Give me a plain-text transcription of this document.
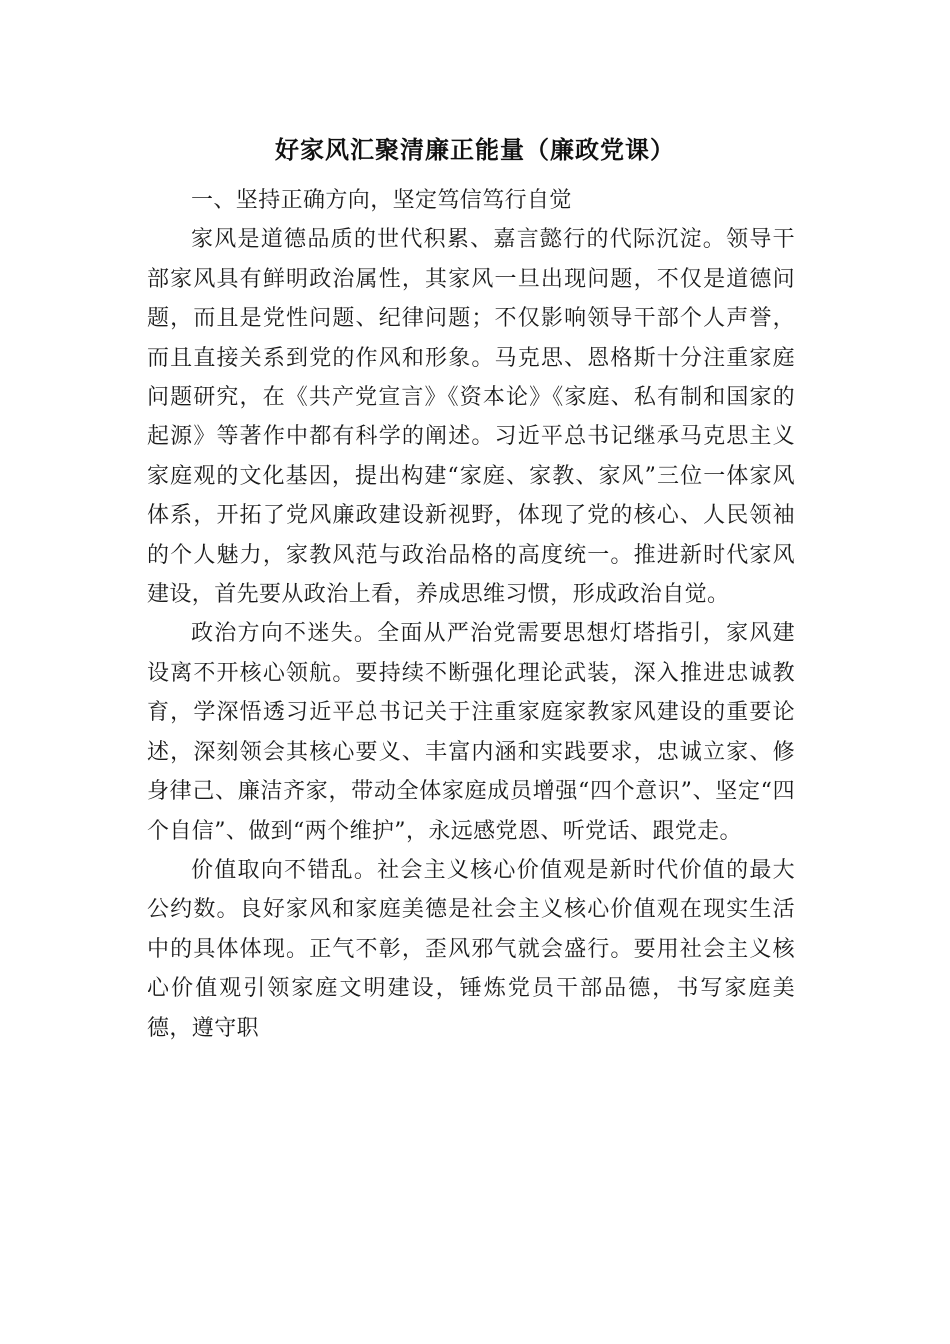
好家风汇聚清廉正能量（廉政党课）

一、坚持正确方向，坚定笃信笃行自觉

家风是道德品质的世代积累、嘉言懿行的代际沉淀。领导干部家风具有鲜明政治属性，其家风一旦出现问题，不仅是道德问题，而且是党性问题、纪律问题；不仅影响领导干部个人声誉，而且直接关系到党的作风和形象。马克思、恩格斯十分注重家庭问题研究，在《共产党宣言》《资本论》《家庭、私有制和国家的起源》等著作中都有科学的阐述。习近平总书记继承马克思主义家庭观的文化基因，提出构建“家庭、家教、家风”三位一体家风体系，开拓了党风廉政建设新视野，体现了党的核心、人民领袖的个人魅力，家教风范与政治品格的高度统一。推进新时代家风建设，首先要从政治上看，养成思维习惯，形成政治自觉。

政治方向不迷失。全面从严治党需要思想灯塔指引，家风建设离不开核心领航。要持续不断强化理论武装，深入推进忠诚教育，学深悟透习近平总书记关于注重家庭家教家风建设的重要论述，深刻领会其核心要义、丰富内涵和实践要求，忠诚立家、修身律己、廉洁齐家，带动全体家庭成员增强“四个意识”、坚定“四个自信”、做到“两个维护”，永远感党恩、听党话、跟党走。

价值取向不错乱。社会主义核心价值观是新时代价值的最大公约数。良好家风和家庭美德是社会主义核心价值观在现实生活中的具体体现。正气不彰，歪风邪气就会盛行。要用社会主义核心价值观引领家庭文明建设，锤炼党员干部品德，书写家庭美德，遵守职
